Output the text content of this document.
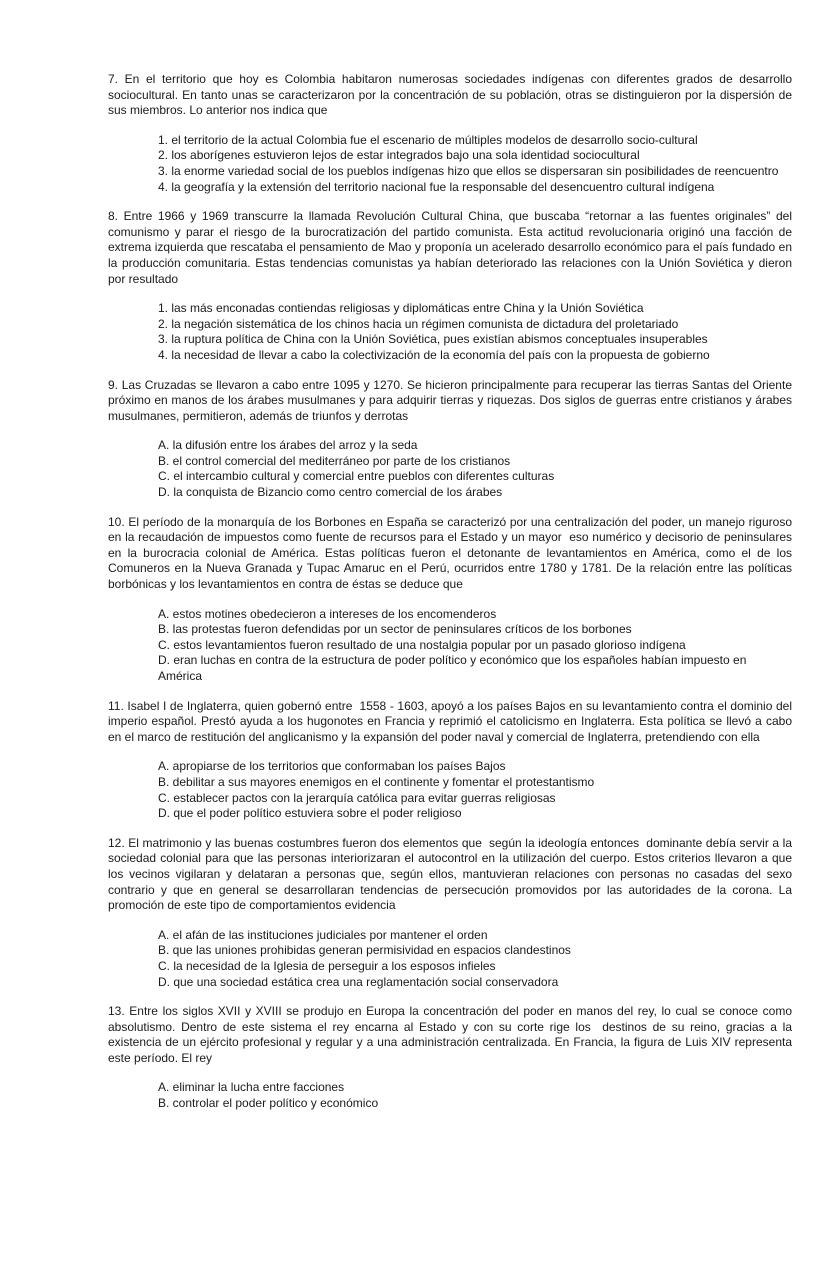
7. En el territorio que hoy es Colombia habitaron numerosas sociedades indígenas con diferentes grados de desarrollo sociocultural. En tanto unas se caracterizaron por la concentración de su población, otras se distinguieron por la dispersión de sus miembros. Lo anterior nos indica que

1. el territorio de la actual Colombia fue el escenario de múltiples modelos de desarrollo socio-cultural
2. los aborígenes estuvieron lejos de estar integrados bajo una sola identidad sociocultural
3. la enorme variedad social de los pueblos indígenas hizo que ellos se dispersaran sin posibilidades de reencuentro
4. la geografía y la extensión del territorio nacional fue la responsable del desencuentro cultural indígena

8. Entre 1966 y 1969 transcurre la llamada Revolución Cultural China, que buscaba “retornar a las fuentes originales” del comunismo y parar el riesgo de la burocratización del partido comunista. Esta actitud revolucionaria originó una facción de extrema izquierda que rescataba el pensamiento de Mao y proponía un acelerado desarrollo económico para el país fundado en la producción comunitaria. Estas tendencias comunistas ya habían deteriorado las relaciones con la Unión Soviética y dieron por resultado

1. las más enconadas contiendas religiosas y diplomáticas entre China y la Unión Soviética
2. la negación sistemática de los chinos hacia un régimen comunista de dictadura del proletariado
3. la ruptura política de China con la Unión Soviética, pues existían abismos conceptuales insuperables
4. la necesidad de llevar a cabo la colectivización de la economía del país con la propuesta de gobierno

9. Las Cruzadas se llevaron a cabo entre 1095 y 1270. Se hicieron principalmente para recuperar las tierras Santas del Oriente próximo en manos de los árabes musulmanes y para adquirir tierras y riquezas. Dos siglos de guerras entre cristianos y árabes musulmanes, permitieron, además de triunfos y derrotas

A. la difusión entre los árabes del arroz y la seda
B. el control comercial del mediterráneo por parte de los cristianos
C. el intercambio cultural y comercial entre pueblos con diferentes culturas
D. la conquista de Bizancio como centro comercial de los árabes

10. El período de la monarquía de los Borbones en España se caracterizó por una centralización del poder, un manejo riguroso en la recaudación de impuestos como fuente de recursos para el Estado y un mayor  eso numérico y decisorio de peninsulares en la burocracia colonial de América. Estas políticas fueron el detonante de levantamientos en América, como el de los Comuneros en la Nueva Granada y Tupac Amaruc en el Perú, ocurridos entre 1780 y 1781. De la relación entre las políticas borbónicas y los levantamientos en contra de éstas se deduce que

A. estos motines obedecieron a intereses de los encomenderos
B. las protestas fueron defendidas por un sector de peninsulares críticos de los borbones
C. estos levantamientos fueron resultado de una nostalgia popular por un pasado glorioso indígena
D. eran luchas en contra de la estructura de poder político y económico que los españoles habían impuesto en América

11. Isabel I de Inglaterra, quien gobernó entre  1558 - 1603, apoyó a los países Bajos en su levantamiento contra el dominio del imperio español. Prestó ayuda a los hugonotes en Francia y reprimió el catolicismo en Inglaterra. Esta política se llevó a cabo en el marco de restitución del anglicanismo y la expansión del poder naval y comercial de Inglaterra, pretendiendo con ella

A. apropiarse de los territorios que conformaban los países Bajos
B. debilitar a sus mayores enemigos en el continente y fomentar el protestantismo
C. establecer pactos con la jerarquía católica para evitar guerras religiosas
D. que el poder político estuviera sobre el poder religioso

12. El matrimonio y las buenas costumbres fueron dos elementos que  según la ideología entonces  dominante debía servir a la sociedad colonial para que las personas interiorizaran el autocontrol en la utilización del cuerpo. Estos criterios llevaron a que los vecinos vigilaran y delataran a personas que, según ellos, mantuvieran relaciones con personas no casadas del sexo contrario y que en general se desarrollaran tendencias de persecución promovidos por las autoridades de la corona. La promoción de este tipo de comportamientos evidencia

A. el afán de las instituciones judiciales por mantener el orden
B. que las uniones prohibidas generan permisividad en espacios clandestinos
C. la necesidad de la Iglesia de perseguir a los esposos infieles
D. que una sociedad estática crea una reglamentación social conservadora

13. Entre los siglos XVII y XVIII se produjo en Europa la concentración del poder en manos del rey, lo cual se conoce como absolutismo. Dentro de este sistema el rey encarna al Estado y con su corte rige los  destinos de su reino, gracias a la existencia de un ejército profesional y regular y a una administración centralizada. En Francia, la figura de Luis XIV representa este período. El rey

A. eliminar la lucha entre facciones
B. controlar el poder político y económico
